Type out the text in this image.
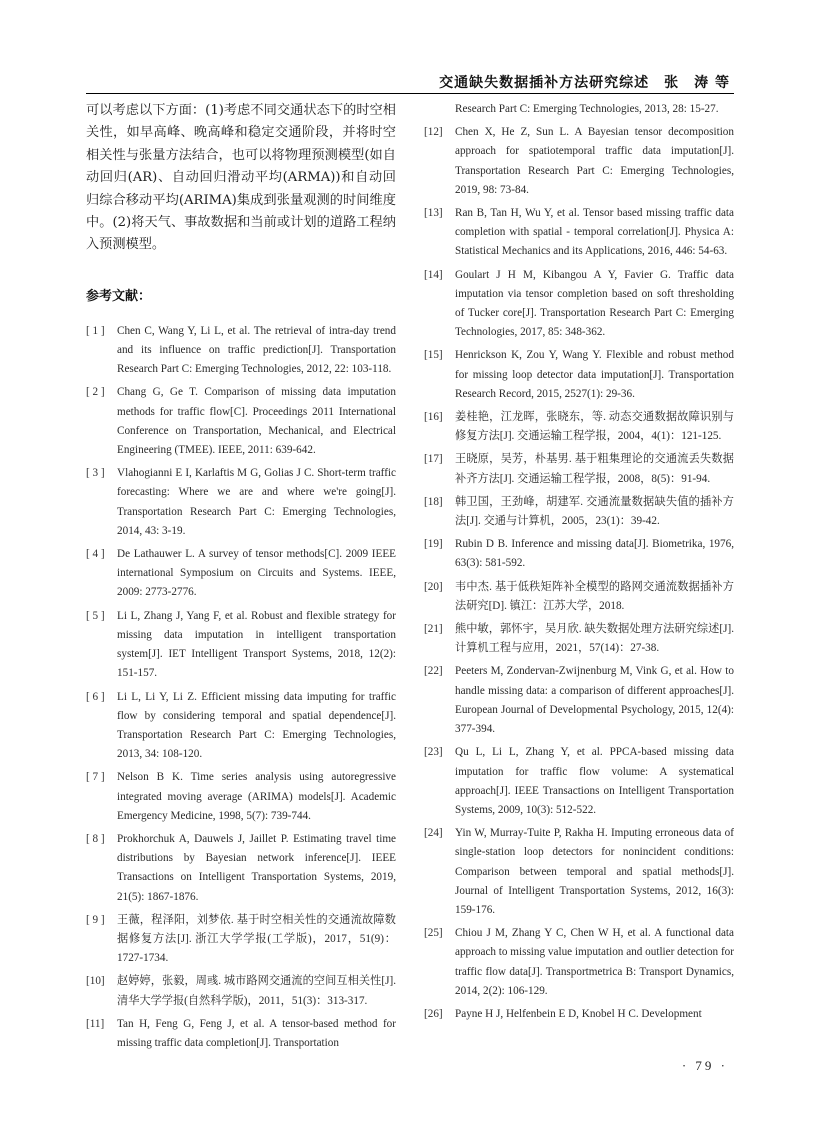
交通缺失数据插补方法研究综述　张　涛 等

可以考虑以下方面：(1)考虑不同交通状态下的时空相关性，如早高峰、晚高峰和稳定交通阶段，并将时空相关性与张量方法结合，也可以将物理预测模型(如自动回归(AR)、自动回归滑动平均(ARMA))和自动回归综合移动平均(ARIMA)集成到张量观测的时间维度中。(2)将天气、事故数据和当前或计划的道路工程纳入预测模型。

参考文献：
[ 1 ]	Chen C, Wang Y, Li L, et al. The retrieval of intra-day trend and its influence on traffic prediction[J]. Transportation Research Part C: Emerging Technologies, 2012, 22: 103-118.
[ 2 ]	Chang G, Ge T. Comparison of missing data imputation methods for traffic flow[C]. Proceedings 2011 International Conference on Transportation, Mechanical, and Electrical Engineering (TMEE). IEEE, 2011: 639-642.
[ 3 ]	Vlahogianni E I, Karlaftis M G, Golias J C. Short-term traffic forecasting: Where we are and where we're going[J]. Transportation Research Part C: Emerging Technologies, 2014, 43: 3-19.
[ 4 ]	De Lathauwer L. A survey of tensor methods[C]. 2009 IEEE international Symposium on Circuits and Systems. IEEE, 2009: 2773-2776.
[ 5 ]	Li L, Zhang J, Yang F, et al. Robust and flexible strategy for missing data imputation in intelligent transportation system[J]. IET Intelligent Transport Systems, 2018, 12(2): 151-157.
[ 6 ]	Li L, Li Y, Li Z. Efficient missing data imputing for traffic flow by considering temporal and spatial dependence[J]. Transportation Research Part C: Emerging Technologies, 2013, 34: 108-120.
[ 7 ]	Nelson B K. Time series analysis using autoregressive integrated moving average (ARIMA) models[J]. Academic Emergency Medicine, 1998, 5(7): 739-744.
[ 8 ]	Prokhorchuk A, Dauwels J, Jaillet P. Estimating travel time distributions by Bayesian network inference[J]. IEEE Transactions on Intelligent Transportation Systems, 2019, 21(5): 1867-1876.
[ 9 ]	王薇，程泽阳，刘梦依. 基于时空相关性的交通流故障数据修复方法[J]. 浙江大学学报(工学版)，2017，51(9)：1727-1734.
[10]	赵婷婷，张毅，周彧. 城市路网交通流的空间互相关性[J]. 清华大学学报(自然科学版)，2011，51(3)：313-317.
[11]	Tan H, Feng G, Feng J, et al. A tensor-based method for missing traffic data completion[J]. Transportation
Research Part C: Emerging Technologies, 2013, 28: 15-27.
[12]	Chen X, He Z, Sun L. A Bayesian tensor decomposition approach for spatiotemporal traffic data imputation[J]. Transportation Research Part C: Emerging Technologies, 2019, 98: 73-84.
[13]	Ran B, Tan H, Wu Y, et al. Tensor based missing traffic data completion with spatial - temporal correlation[J]. Physica A: Statistical Mechanics and its Applications, 2016, 446: 54-63.
[14]	Goulart J H M, Kibangou A Y, Favier G. Traffic data imputation via tensor completion based on soft thresholding of Tucker core[J]. Transportation Research Part C: Emerging Technologies, 2017, 85: 348-362.
[15]	Henrickson K, Zou Y, Wang Y. Flexible and robust method for missing loop detector data imputation[J]. Transportation Research Record, 2015, 2527(1): 29-36.
[16]	姜桂艳，江龙晖，张晓东，等. 动态交通数据故障识别与修复方法[J]. 交通运输工程学报，2004，4(1)：121-125.
[17]	王晓原，吴芳，朴基男. 基于粗集理论的交通流丢失数据补齐方法[J]. 交通运输工程学报，2008，8(5)：91-94.
[18]	韩卫国，王劲峰，胡建军. 交通流量数据缺失值的插补方法[J]. 交通与计算机，2005，23(1)：39-42.
[19]	Rubin D B. Inference and missing data[J]. Biometrika, 1976, 63(3): 581-592.
[20]	韦中杰. 基于低秩矩阵补全模型的路网交通流数据插补方法研究[D]. 镇江：江苏大学，2018.
[21]	熊中敏，郭怀宇，吴月欣. 缺失数据处理方法研究综述[J]. 计算机工程与应用，2021，57(14)：27-38.
[22]	Peeters M, Zondervan-Zwijnenburg M, Vink G, et al. How to handle missing data: a comparison of different approaches[J]. European Journal of Developmental Psychology, 2015, 12(4): 377-394.
[23]	Qu L, Li L, Zhang Y, et al. PPCA-based missing data imputation for traffic flow volume: A systematical approach[J]. IEEE Transactions on Intelligent Transportation Systems, 2009, 10(3): 512-522.
[24]	Yin W, Murray-Tuite P, Rakha H. Imputing erroneous data of single-station loop detectors for nonincident conditions: Comparison between temporal and spatial methods[J]. Journal of Intelligent Transportation Systems, 2012, 16(3): 159-176.
[25]	Chiou J M, Zhang Y C, Chen W H, et al. A functional data approach to missing value imputation and outlier detection for traffic flow data[J]. Transportmetrica B: Transport Dynamics, 2014, 2(2): 106-129.
[26]	Payne H J, Helfenbein E D, Knobel H C. Development
· 79 ·
